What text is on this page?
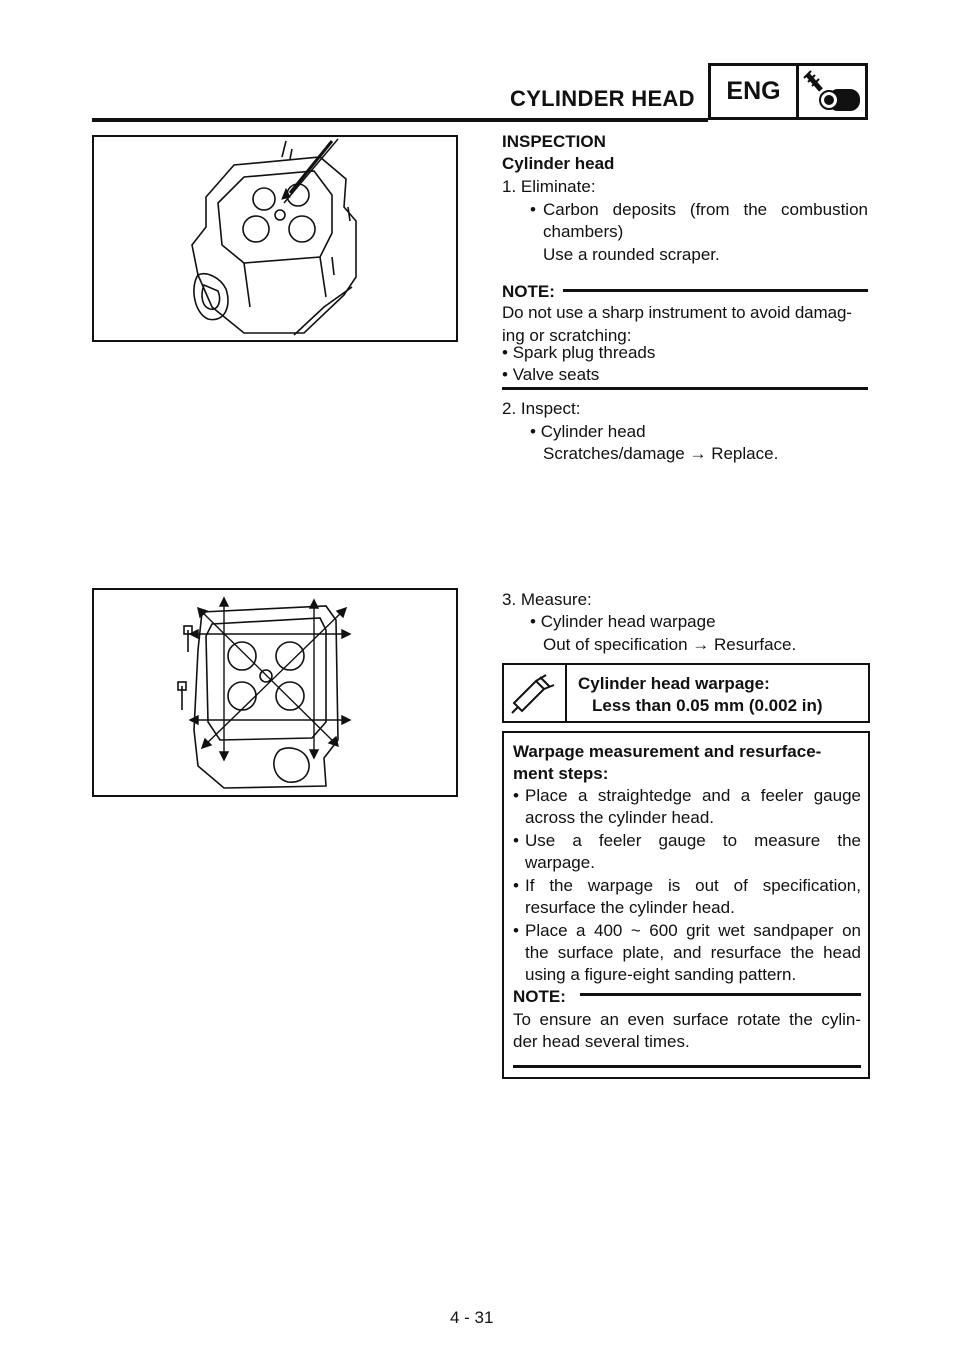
CYLINDER HEAD	ENG
INSPECTION
Cylinder head
1. Eliminate:
• Carbon deposits (from the combustion
chambers)
Use a rounded scraper.
NOTE:
Do not use a sharp instrument to avoid damag-
ing or scratching:
• Spark plug threads
• Valve seats
2. Inspect:
• Cylinder head
Scratches/damage → Replace.
3. Measure:
• Cylinder head warpage
Out of specification → Resurface.
Cylinder head warpage:
Less than 0.05 mm (0.002 in)
Warpage measurement and resurface-
ment steps:
• Place a straightedge and a feeler gauge
across the cylinder head.
• Use a feeler gauge to measure the
warpage.
• If the warpage is out of specification,
resurface the cylinder head.
• Place a 400 ~ 600 grit wet sandpaper on
the surface plate, and resurface the head
using a figure-eight sanding pattern.
NOTE:
To ensure an even surface rotate the cylin-
der head several times.
4 - 31
